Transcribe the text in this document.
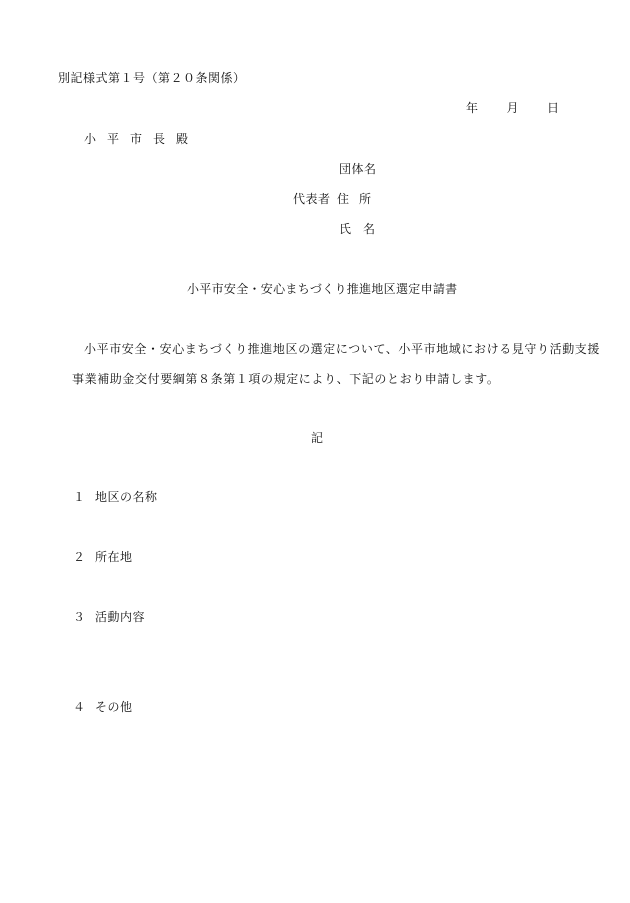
別記様式第１号（第２０条関係）
年 月 日
小平市長殿
団体名
代表者 住所
氏名
小平市安全・安心まちづくり推進地区選定申請書
小平市安全・安心まちづくり推進地区の選定について、小平市地域における見守り活動支援
事業補助金交付要綱第８条第１項の規定により、下記のとおり申請します。
記
１ 地区の名称
２ 所在地
３ 活動内容
４ その他
